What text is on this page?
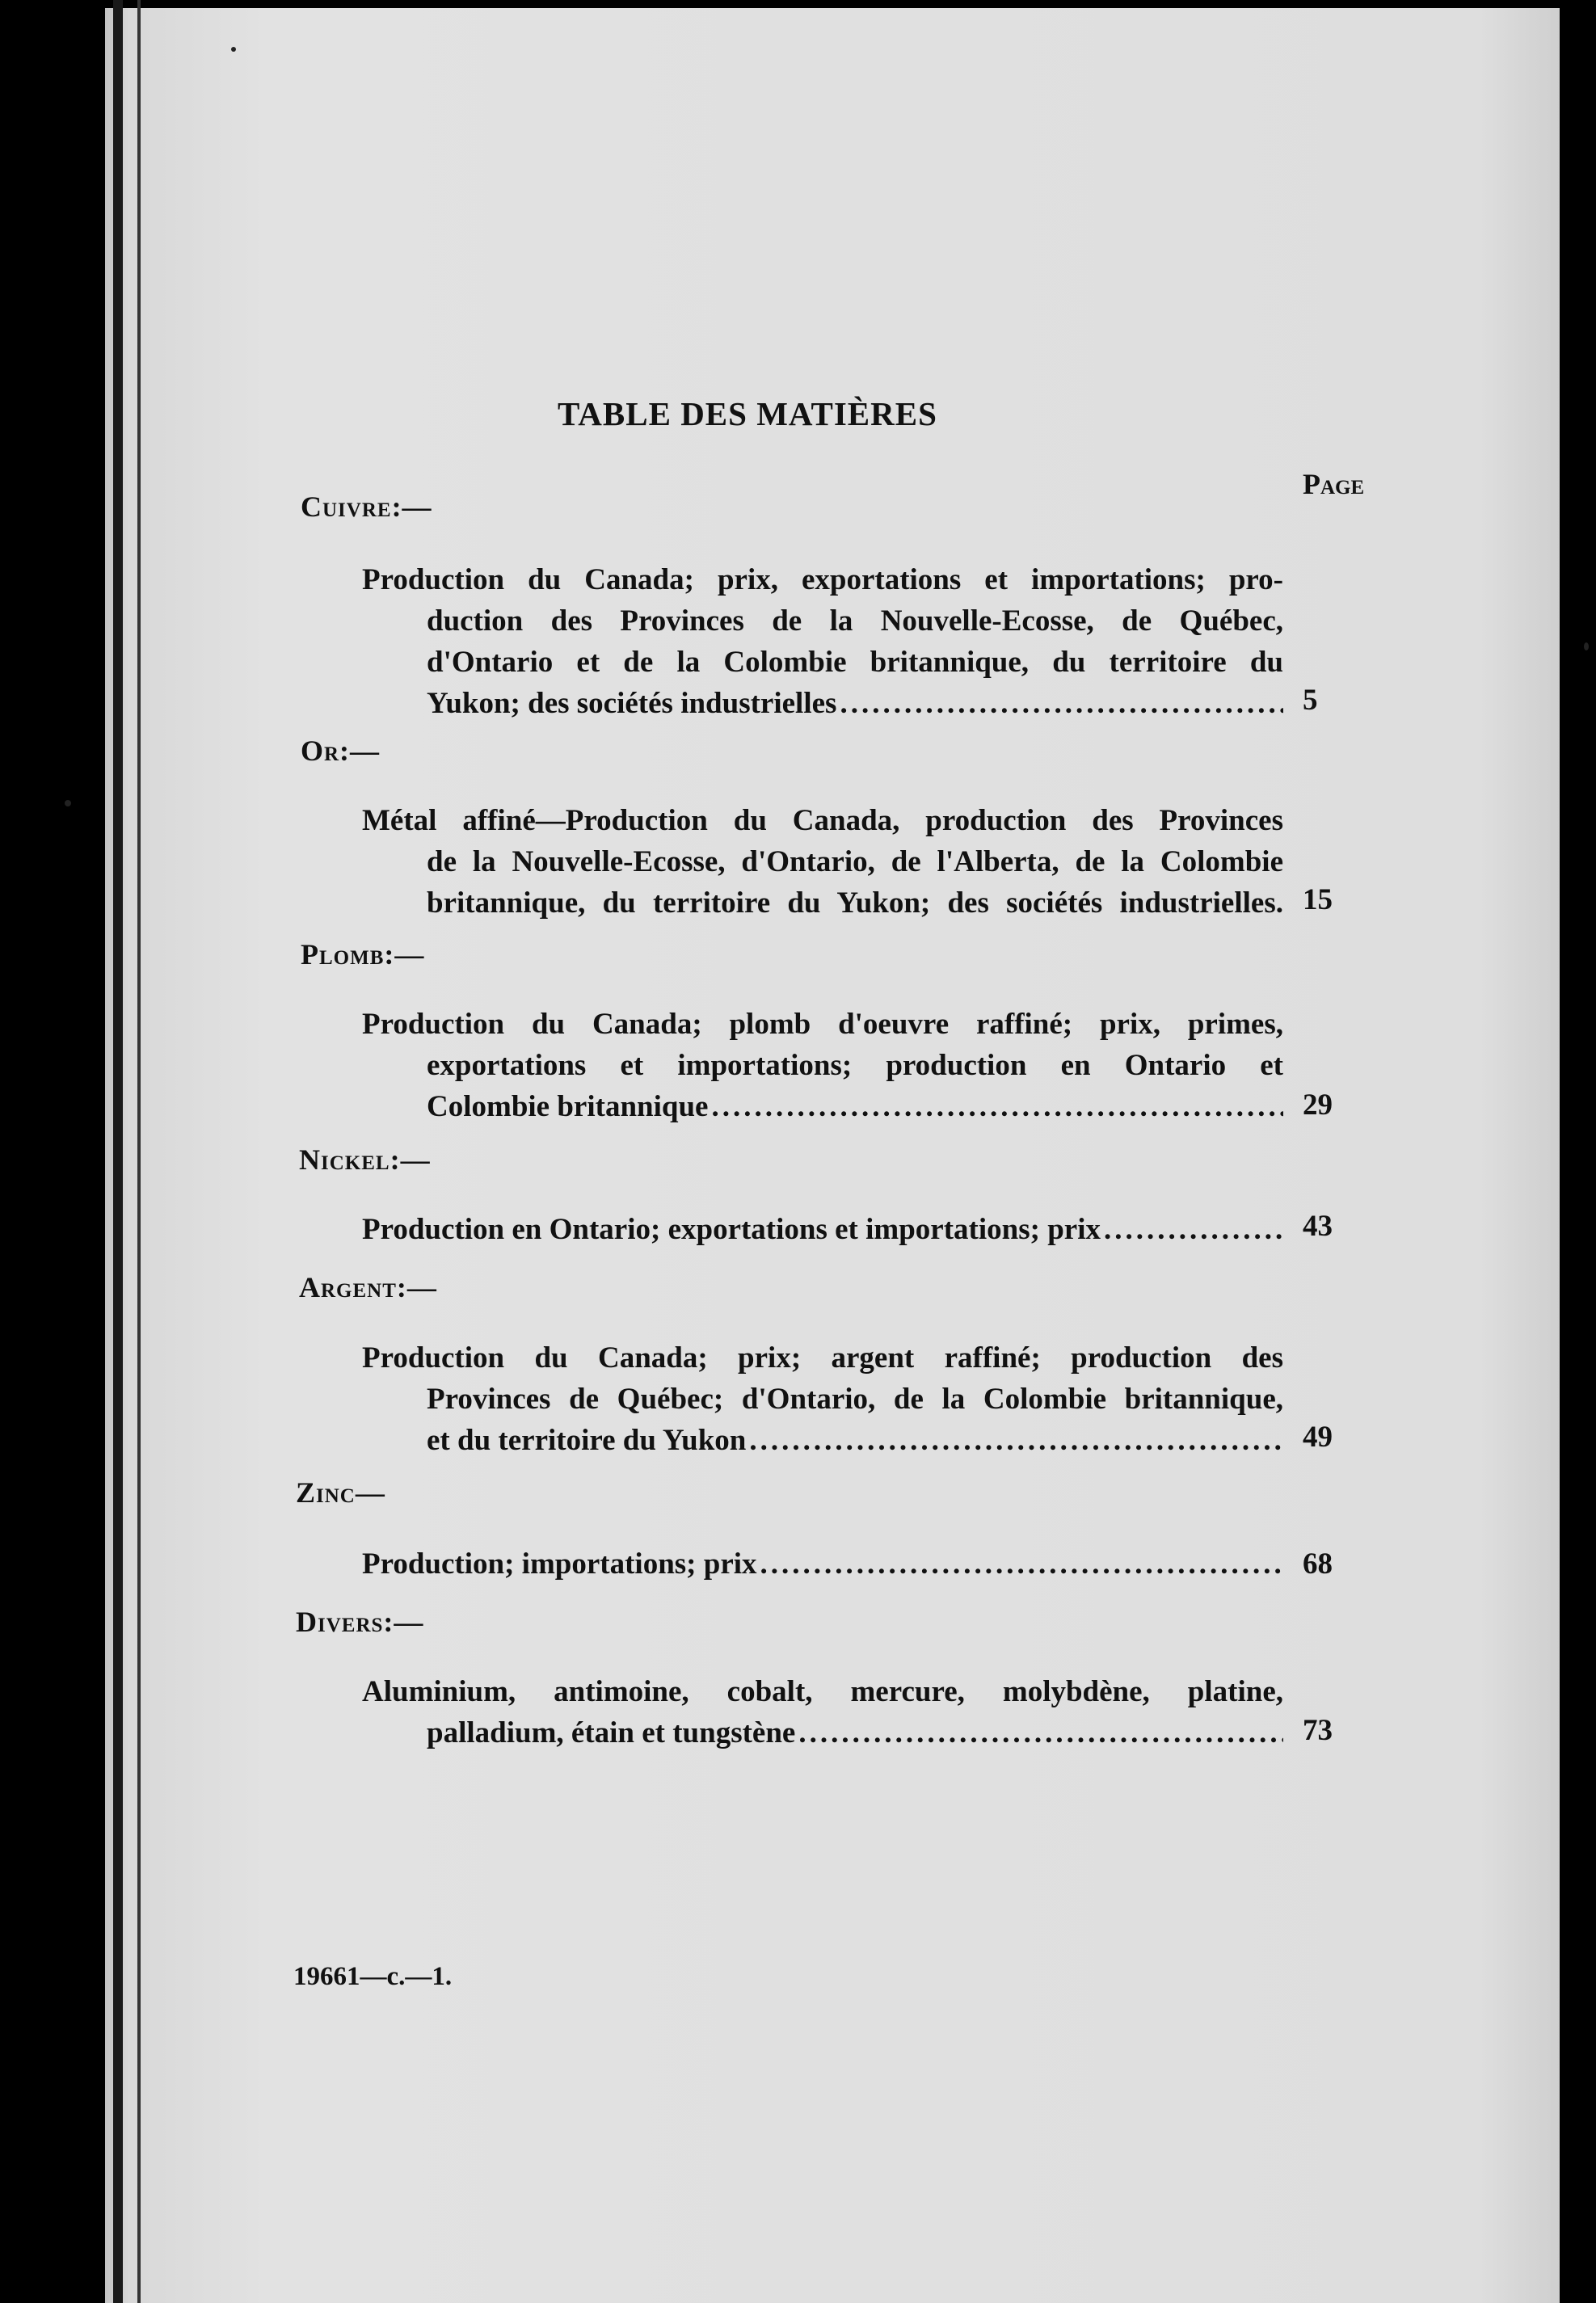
TABLE DES MATIÈRES
Page
Cuivre:—
Production du Canada; prix, exportations et importations; pro-
duction des Provinces de la Nouvelle-Ecosse, de Québec,
d'Ontario et de la Colombie britannique, du territoire du
Yukon; des sociétés industrielles .....	5
Or:—
Métal affiné—Production du Canada, production des Provinces
de la Nouvelle-Ecosse, d'Ontario, de l'Alberta, de la Colombie
britannique, du territoire du Yukon; des sociétés industrielles. 15
Plomb:—
Production du Canada; plomb d'oeuvre raffiné; prix, primes,
exportations et importations; production en Ontario et
Colombie britannique .....	29
Nickel:—
Production en Ontario; exportations et importations; prix .....	43
Argent:—
Production du Canada; prix; argent raffiné; production des
Provinces de Québec; d'Ontario, de la Colombie britannique,
et du territoire du Yukon .....	49
Zinc—
Production; importations; prix .....	68
Divers:—
Aluminium, antimoine, cobalt, mercure, molybdène, platine,
palladium, étain et tungstène .....	73
19661—c.—1.
